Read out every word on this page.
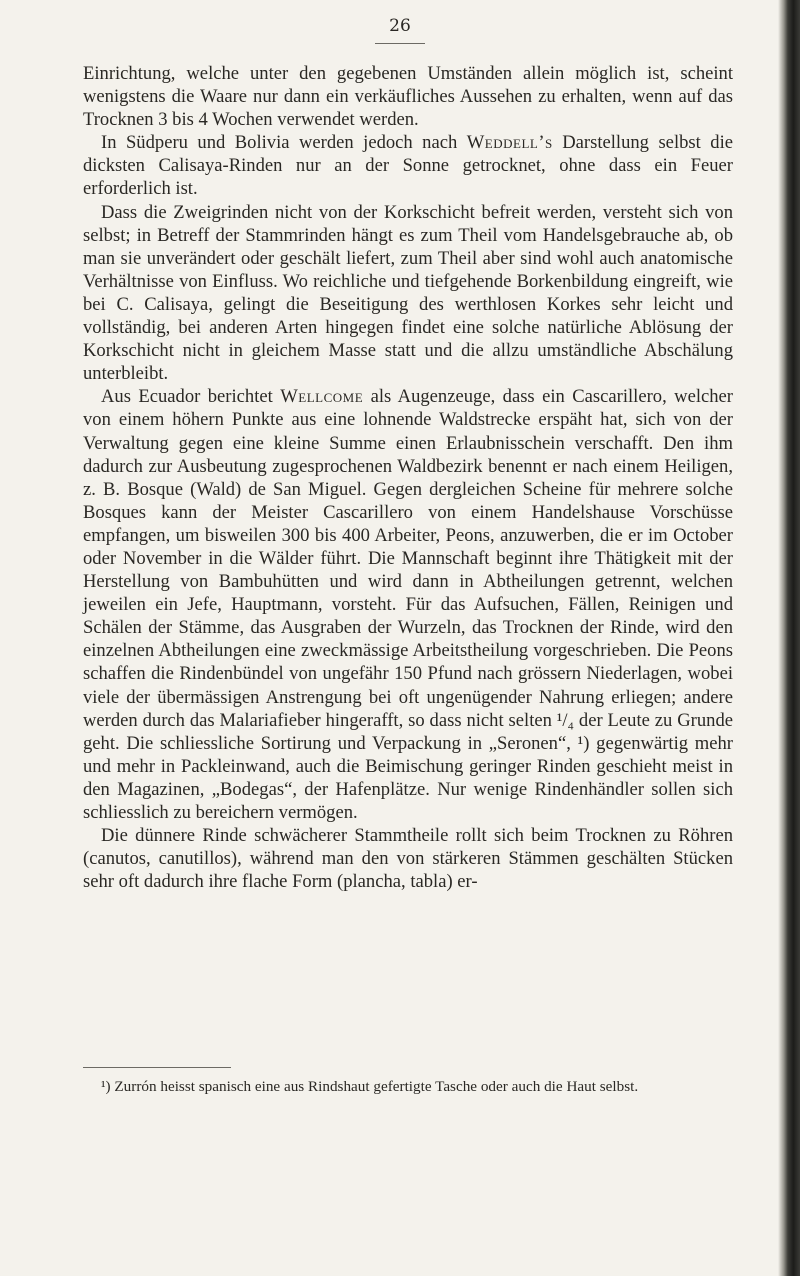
26

Einrichtung, welche unter den gegebenen Umständen allein möglich ist, scheint wenigstens die Waare nur dann ein verkäufliches Aussehen zu erhalten, wenn auf das Trocknen 3 bis 4 Wochen verwendet werden.

In Südperu und Bolivia werden jedoch nach Weddell’s Darstellung selbst die dicksten Calisaya-Rinden nur an der Sonne getrocknet, ohne dass ein Feuer erforderlich ist.

Dass die Zweigrinden nicht von der Korkschicht befreit werden, versteht sich von selbst; in Betreff der Stammrinden hängt es zum Theil vom Handelsgebrauche ab, ob man sie unverändert oder geschält liefert, zum Theil aber sind wohl auch anatomische Verhältnisse von Einfluss. Wo reichliche und tiefgehende Borkenbildung eingreift, wie bei C. Calisaya, gelingt die Beseitigung des werthlosen Korkes sehr leicht und vollständig, bei anderen Arten hingegen findet eine solche natürliche Ablösung der Korkschicht nicht in gleichem Masse statt und die allzu umständliche Abschälung unterbleibt.

Aus Ecuador berichtet Wellcome als Augenzeuge, dass ein Cascarillero, welcher von einem höhern Punkte aus eine lohnende Waldstrecke erspäht hat, sich von der Verwaltung gegen eine kleine Summe einen Erlaubnisschein verschafft. Den ihm dadurch zur Ausbeutung zugesprochenen Waldbezirk benennt er nach einem Heiligen, z. B. Bosque (Wald) de San Miguel. Gegen dergleichen Scheine für mehrere solche Bosques kann der Meister Cascarillero von einem Handelshause Vorschüsse empfangen, um bisweilen 300 bis 400 Arbeiter, Peons, anzuwerben, die er im October oder November in die Wälder führt. Die Mannschaft beginnt ihre Thätigkeit mit der Herstellung von Bambuhütten und wird dann in Abtheilungen getrennt, welchen jeweilen ein Jefe, Hauptmann, vorsteht. Für das Aufsuchen, Fällen, Reinigen und Schälen der Stämme, das Ausgraben der Wurzeln, das Trocknen der Rinde, wird den einzelnen Abtheilungen eine zweckmässige Arbeitstheilung vorgeschrieben. Die Peons schaffen die Rindenbündel von ungefähr 150 Pfund nach grössern Niederlagen, wobei viele der übermässigen Anstrengung bei oft ungenügender Nahrung erliegen; andere werden durch das Malariafieber hingerafft, so dass nicht selten ¹/₄ der Leute zu Grunde geht. Die schliessliche Sortirung und Verpackung in „Seronen“, ¹) gegenwärtig mehr und mehr in Packleinwand, auch die Beimischung geringer Rinden geschieht meist in den Magazinen, „Bodegas“, der Hafenplätze. Nur wenige Rindenhändler sollen sich schliesslich zu bereichern vermögen.

Die dünnere Rinde schwächerer Stammtheile rollt sich beim Trocknen zu Röhren (canutos, canutillos), während man den von stärkeren Stämmen geschälten Stücken sehr oft dadurch ihre flache Form (plancha, tabla) er-

¹) Zurrón heisst spanisch eine aus Rindshaut gefertigte Tasche oder auch die Haut selbst.
